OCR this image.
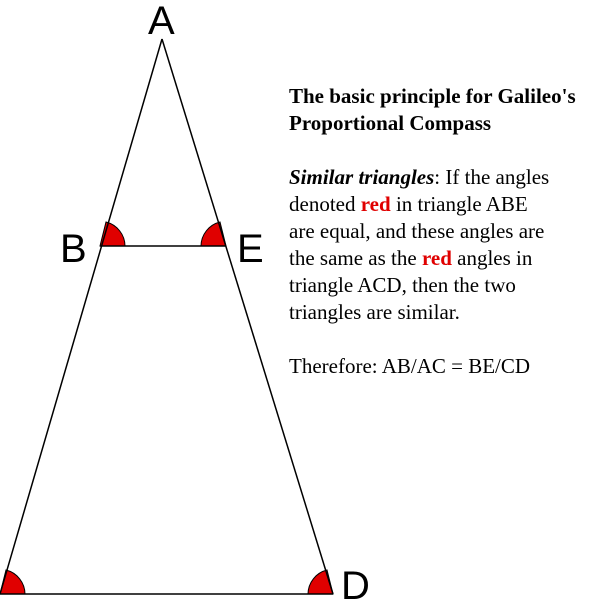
A
B	E
D

The basic principle for Galileo's
Proportional Compass

Similar triangles: If the angles
denoted red in triangle ABE
are equal, and these angles are
the same as the red angles in
triangle ACD, then the two
triangles are similar.

Therefore: AB/AC = BE/CD
